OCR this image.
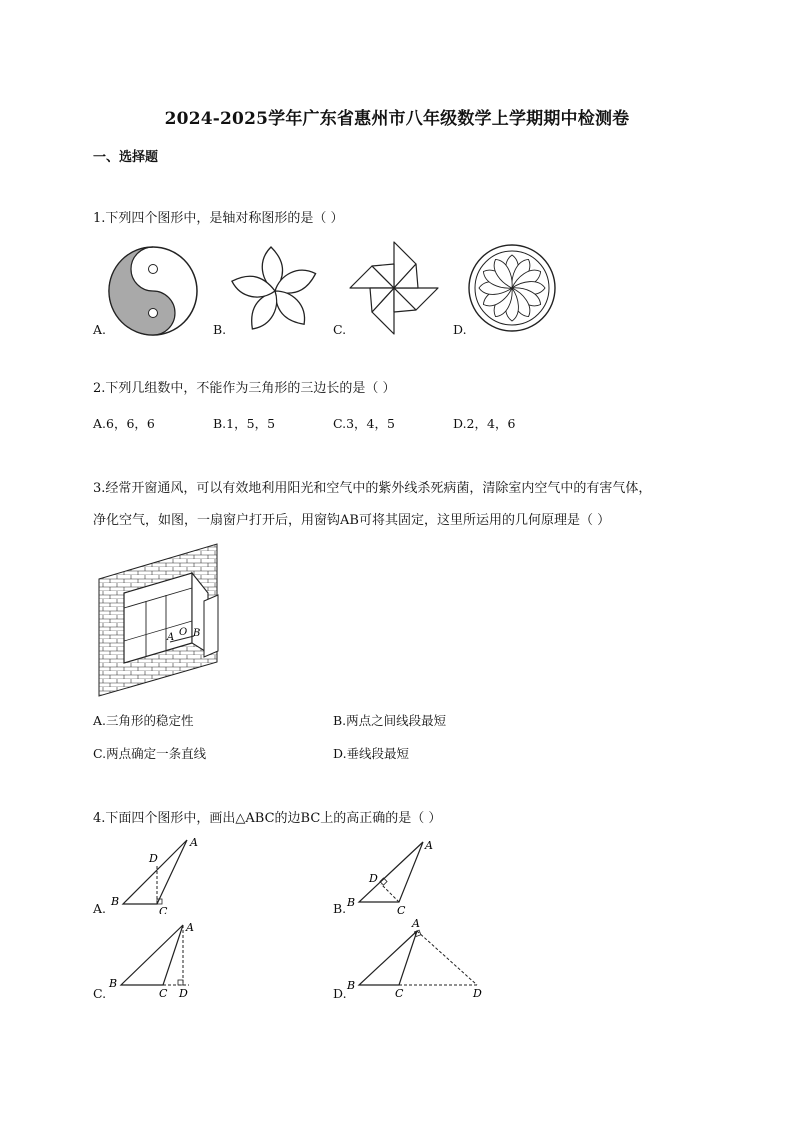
2024-2025学年广东省惠州市八年级数学上学期期中检测卷
一、选择题
1.下列四个图形中，是轴对称图形的是（ ）
A.	B.	C.	D.
2.下列几组数中，不能作为三角形的三边长的是（ ）
A.6，6，6	B.1，5，5	C.3，4，5	D.2，4，6
3.经常开窗通风，可以有效地利用阳光和空气中的紫外线杀死病菌，清除室内空气中的有害气体，
净化空气，如图，一扇窗户打开后，用窗钩AB可将其固定，这里所运用的几何原理是（ ）
A O B
A.三角形的稳定性	B.两点之间线段最短
C.两点确定一条直线	D.垂线段最短
4.下面四个图形中，画出△ABC的边BC上的高正确的是（ ）
A.
A
B
C
D
B.
A
B
C
D
C.
A
B
C D	D.
A
B
C	D
